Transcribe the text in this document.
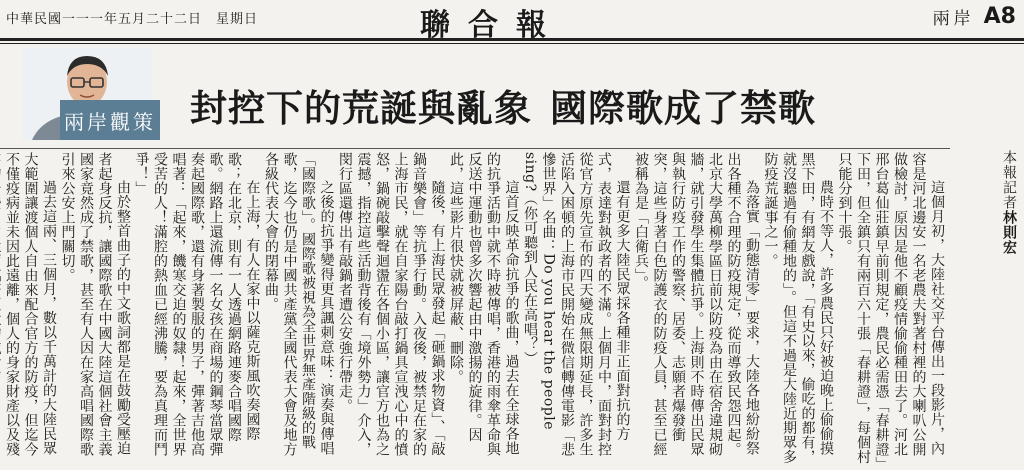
中華民國一一一年五月二十二日　星期日	聯合報	兩岸 A8
兩岸觀策 封控下的荒誕與亂象 國際歌成了禁歌
本報記者林則宏

這個月初，大陸社交平台傳出一段影片，內容是河北邊安一名老農夫對著村裡的大喇叭公開做檢討，原因是他不顧疫情偷偷種田去了。河北邢台葛仙莊鎮早前則規定，農民必需憑「春耕證」下田，但全鎮只有兩百六十張「春耕證」，每個村只能分到十張。

農時不等人，許多農民只好被迫晚上偷偷摸黑下田，有網友戲說，「有史以來，偷吃的都有，就沒聽過有偷種地的」。但這不過是大陸近期眾多防疫荒誕事之一。

為落實「動態清零」要求，大陸各地紛紛祭出各種不合理的防疫規定，從而導致民怨四起。北京大學萬柳學區日前以防疫為由在宿舍違規砌牆，就引發學生集體抗爭。上海則不時傳出民眾與執行防疫工作的警察、居委、志願者爆發衝突，這些身著白色防護衣的防疫人員，甚至已經被稱為是「白衛兵」。

還有更多大陸民眾採各種非正面對抗的方式，表達對執政者的不滿。上個月中，面對封控從官方原先宣布的四天變成無限期延長，許多生活陷入困頓的上海市民開始在微信轉傳電影「悲慘世界」名曲：Do you hear the people sing?（你可聽到人民在高唱？）

這首反映革命抗爭的歌曲，過去在全球各地的抗爭活動中就不時被傳唱，香港的雨傘革命與反送中運動也曾多次響起由中激揚的旋律。因此，這些影片很快就被屏蔽、刪除。

隨後，有上海民眾發起「砸鍋求物資」、「敲鍋音樂會」等抗爭行動。入夜後，被禁足在家的上海市民，就在自家陽台敲打鍋具宣洩心中的憤怒，鍋碗敲擊聲迴盪在各個小區，讓官方也為之震撼，指控這些活動背後有「境外勢力」介入，閔行區還傳出有敲鍋者遭公安強行帶走。

之後的抗爭變得更具諷刺意味：演奏與傳唱「國際歌」。國際歌被視為全世界無產階級的戰歌，迄今也仍是中國共產黨全國代表大會及地方各級代表大會的閉幕曲。

在上海，有人在家中以薩克斯風吹奏國際歌；在北京，則有一人透過網路連麥合唱國際歌。網路上還流傳一名女孩在商場的鋼琴當眾彈奏起國際歌，還有身著製服的男子，彈著吉他高唱著：「起來，饑寒交迫的奴隸！起來，全世界受苦的人！滿腔的熱血已經沸騰，要為真理而鬥爭！」

由於整首曲子的中文歌詞都是在鼓勵受壓迫者起身反抗，讓國際歌在中國大陸這個社會主義國家竟然成了禁歌，甚至有人因在家高唱國際歌引來公安上門關切。

過去這兩、三個月，數以千萬計的大陸民眾大範圍讓渡個人自由來配合官方的防疫，但迄今不僅疫病並未因此遠離，個人的身家財產以及殘
